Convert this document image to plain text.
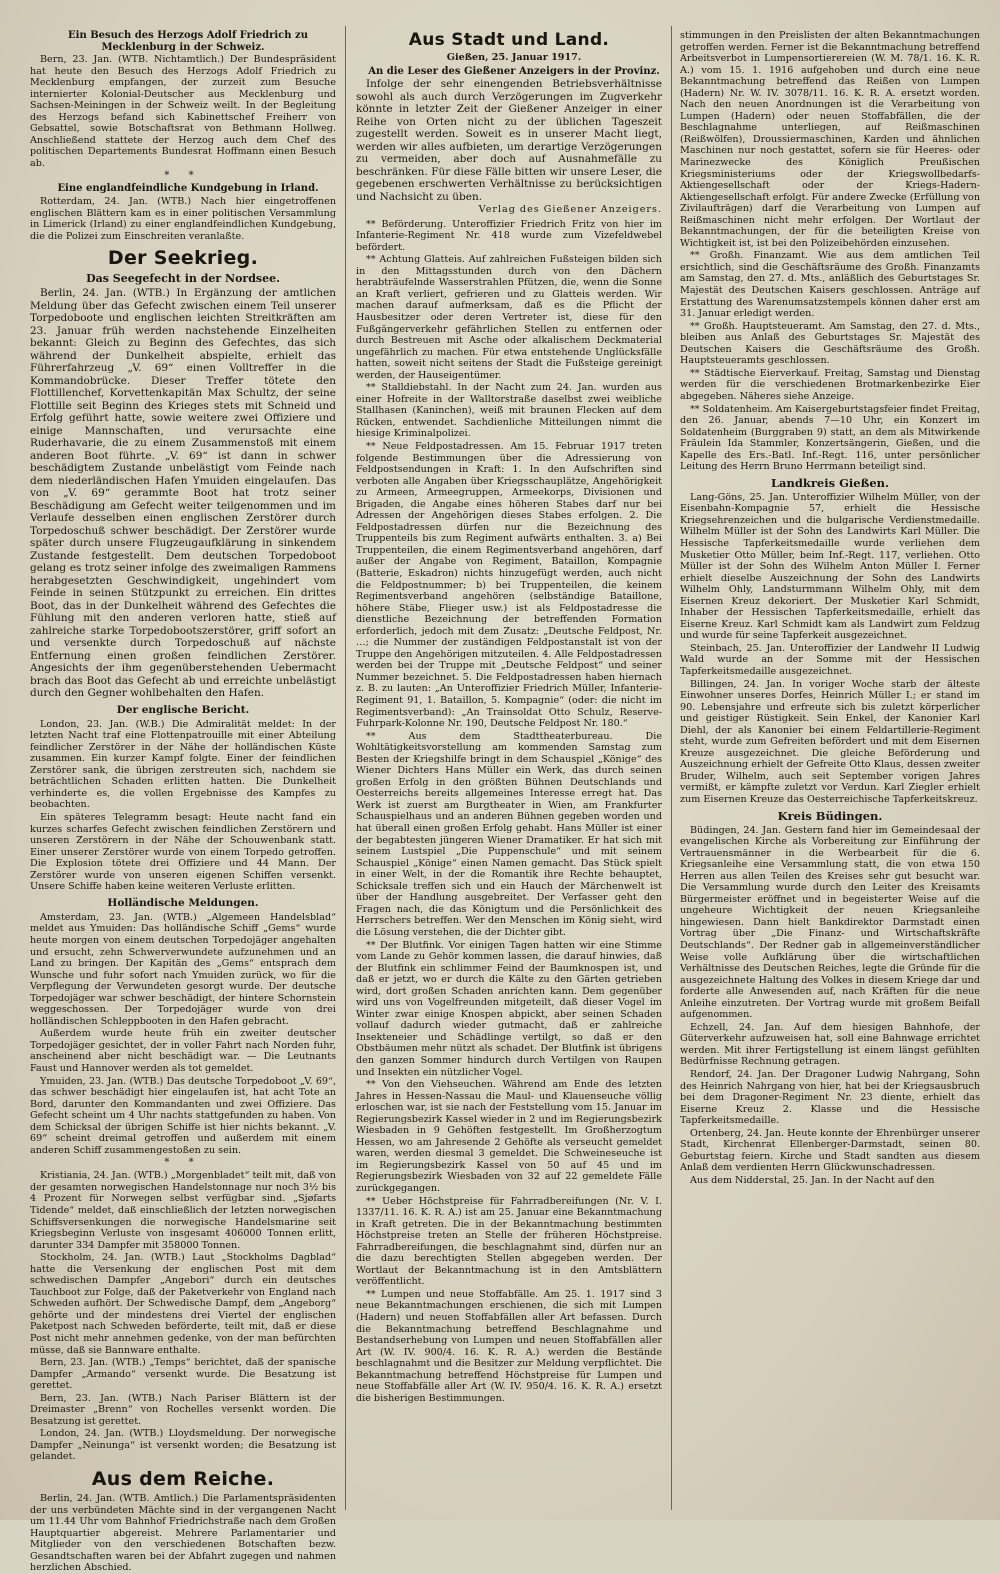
Ein Besuch des Herzogs Adolf Friedrich zu Mecklenburg in der Schweiz.

Bern, 23. Jan. (WTB. Nichtamtlich.) Der Bundespräsident hat heute den Besuch des Herzogs Adolf Friedrich zu Mecklenburg empfangen, der zurzeit zum Besuche internierter Kolonial-Deutscher aus Mecklenburg und Sachsen-Meiningen in der Schweiz weilt. In der Begleitung des Herzogs befand sich Kabinettschef Freiherr von Gebsattel, sowie Botschaftsrat von Bethmann Hollweg. Anschließend stattete der Herzog auch dem Chef des politischen Departements Bundesrat Hoffmann einen Besuch ab.

* *

Eine englandfeindliche Kundgebung in Irland.

Rotterdam, 24. Jan. (WTB.) Nach hier eingetroffenen englischen Blättern kam es in einer politischen Versammlung in Limerick (Irland) zu einer englandfeindlichen Kundgebung, die die Polizei zum Einschreiten veranlaßte.

Der Seekrieg.
Das Seegefecht in der Nordsee.

Berlin, 24. Jan. (WTB.) In Ergänzung der amtlichen Meldung über das Gefecht zwischen einem Teil unserer Torpedoboote und englischen leichten Streitkräften am 23. Januar früh werden nachstehende Einzelheiten bekannt: Gleich zu Beginn des Gefechtes, das sich während der Dunkelheit abspielte, erhielt das Führerfahrzeug „V. 69“ einen Volltreffer in die Kommandobrücke. Dieser Treffer tötete den Flottillenchef, Korvettenkapitän Max Schultz, der seine Flottille seit Beginn des Krieges stets mit Schneid und Erfolg geführt hatte, sowie weitere zwei Offiziere und einige Mannschaften, und verursachte eine Ruderhavarie, die zu einem Zusammenstoß mit einem anderen Boot führte. „V. 69“ ist dann in schwer beschädigtem Zustande unbelästigt vom Feinde nach dem niederländischen Hafen Ymuiden eingelaufen. Das von „V. 69“ gerammte Boot hat trotz seiner Beschädigung am Gefecht weiter teilgenommen und im Verlaufe desselben einen englischen Zerstörer durch Torpedoschuß schwer beschädigt. Der Zerstörer wurde später durch unsere Flugzeugaufklärung in sinkendem Zustande festgestellt. Dem deutschen Torpedoboot gelang es trotz seiner infolge des zweimaligen Rammens herabgesetzten Geschwindigkeit, ungehindert vom Feinde in seinen Stützpunkt zu erreichen. Ein drittes Boot, das in der Dunkelheit während des Gefechtes die Fühlung mit den anderen verloren hatte, stieß auf zahlreiche starke Torpedobootszerstörer, griff sofort an und versenkte durch Torpedoschuß auf nächste Entfernung einen großen feindlichen Zerstörer. Angesichts der ihm gegenüberstehenden Uebermacht brach das Boot das Gefecht ab und erreichte unbelästigt durch den Gegner wohlbehalten den Hafen.

Der englische Bericht.

London, 23. Jan. (W.B.) Die Admiralität meldet: In der letzten Nacht traf eine Flottenpatrouille mit einer Abteilung feindlicher Zerstörer in der Nähe der holländischen Küste zusammen. Ein kurzer Kampf folgte. Einer der feindlichen Zerstörer sank, die übrigen zerstreuten sich, nachdem sie beträchtlichen Schaden erlitten hatten. Die Dunkelheit verhinderte es, die vollen Ergebnisse des Kampfes zu beobachten.

Ein späteres Telegramm besagt: Heute nacht fand ein kurzes scharfes Gefecht zwischen feindlichen Zerstörern und unseren Zerstörern in der Nähe der Schouwenbank statt. Einer unserer Zerstörer wurde von einem Torpedo getroffen. Die Explosion tötete drei Offiziere und 44 Mann. Der Zerstörer wurde von unseren eigenen Schiffen versenkt. Unsere Schiffe haben keine weiteren Verluste erlitten.

Holländische Meldungen.

Amsterdam, 23. Jan. (WTB.) „Algemeen Handelsblad“ meldet aus Ymuiden: Das holländische Schiff „Gems“ wurde heute morgen von einem deutschen Torpedojäger angehalten und ersucht, zehn Schwerverwundete aufzunehmen und an Land zu bringen. Der Kapitän des „Gems“ entsprach dem Wunsche und fuhr sofort nach Ymuiden zurück, wo für die Verpflegung der Verwundeten gesorgt wurde. Der deutsche Torpedojäger war schwer beschädigt, der hintere Schornstein weggeschossen. Der Torpedojäger wurde von drei holländischen Schleppbooten in den Hafen gebracht.

Außerdem wurde heute früh ein zweiter deutscher Torpedojäger gesichtet, der in voller Fahrt nach Norden fuhr, anscheinend aber nicht beschädigt war. — Die Leutnants Faust und Hannover werden als tot gemeldet.

Ymuiden, 23. Jan. (WTB.) Das deutsche Torpedoboot „V. 69“, das schwer beschädigt hier eingelaufen ist, hat acht Tote an Bord, darunter den Kommandanten und zwei Offiziere. Das Gefecht scheint um 4 Uhr nachts stattgefunden zu haben. Von dem Schicksal der übrigen Schiffe ist hier nichts bekannt. „V. 69“ scheint dreimal getroffen und außerdem mit einem anderen Schiff zusammengestoßen zu sein.

* *

Kristiania, 24. Jan. (WTB.) „Morgenbladet“ teilt mit, daß von der gesamten norwegischen Handelstonnage nur noch 3½ bis 4 Prozent für Norwegen selbst verfügbar sind. „Sjøfarts Tidende“ meldet, daß einschließlich der letzten norwegischen Schiffsversenkungen die norwegische Handelsmarine seit Kriegsbeginn Verluste von insgesamt 406000 Tonnen erlitt, darunter 334 Dampfer mit 358000 Tonnen.

Stockholm, 24. Jan. (WTB.) Laut „Stockholms Dagblad“ hatte die Versenkung der englischen Post mit dem schwedischen Dampfer „Angebori“ durch ein deutsches Tauchboot zur Folge, daß der Paketverkehr von England nach Schweden aufhört. Der Schwedische Dampf, dem „Angeborg“ gehörte und der mindestens drei Viertel der englischen Paketpost nach Schweden beförderte, teilt mit, daß er diese Post nicht mehr annehmen gedenke, von der man befürchten müsse, daß sie Bannware enthalte.

Bern, 23. Jan. (WTB.) „Temps“ berichtet, daß der spanische Dampfer „Armando“ versenkt wurde. Die Besatzung ist gerettet.

Bern, 23. Jan. (WTB.) Nach Pariser Blättern ist der Dreimaster „Brenn“ von Rochelles versenkt worden. Die Besatzung ist gerettet.

London, 24. Jan. (WTB.) Lloydsmeldung. Der norwegische Dampfer „Neinunga“ ist versenkt worden; die Besatzung ist gelandet.

Aus dem Reiche.

Berlin, 24. Jan. (WTB. Amtlich.) Die Parlamentspräsidenten der uns verbündeten Mächte sind in der vergangenen Nacht um 11.44 Uhr vom Bahnhof Friedrichstraße nach dem Großen Hauptquartier abgereist. Mehrere Parlamentarier und Mitglieder von den verschiedenen Botschaften bezw. Gesandtschaften waren bei der Abfahrt zugegen und nahmen herzlichen Abschied.

Aus Stadt und Land.

Gießen, 25. Januar 1917.

An die Leser des Gießener Anzeigers in der Provinz.

Infolge der sehr einengenden Betriebsverhältnisse sowohl als auch durch Verzögerungen im Zugverkehr könnte in letzter Zeit der Gießener Anzeiger in einer Reihe von Orten nicht zu der üblichen Tageszeit zugestellt werden. Soweit es in unserer Macht liegt, werden wir alles aufbieten, um derartige Verzögerungen zu vermeiden, aber doch auf Ausnahmefälle zu beschränken. Für diese Fälle bitten wir unsere Leser, die gegebenen erschwerten Verhältnisse zu berücksichtigen und Nachsicht zu üben.

Verlag des Gießener Anzeigers.

** Beförderung. Unteroffizier Friedrich Fritz von hier im Infanterie-Regiment Nr. 418 wurde zum Vizefeldwebel befördert.

** Achtung Glatteis. Auf zahlreichen Fußsteigen bilden sich in den Mittagsstunden durch von den Dächern herabträufelnde Wasserstrahlen Pfützen, die, wenn die Sonne an Kraft verliert, gefrieren und zu Glatteis werden. Wir machen darauf aufmerksam, daß es die Pflicht der Hausbesitzer oder deren Vertreter ist, diese für den Fußgängerverkehr gefährlichen Stellen zu entfernen oder durch Bestreuen mit Asche oder alkalischem Deckmaterial ungefährlich zu machen. Für etwa entstehende Unglücksfälle hatten, soweit nicht seitens der Stadt die Fußsteige gereinigt werden, der Hauseigentümer.

** Stalldiebstahl. In der Nacht zum 24. Jan. wurden aus einer Hofreite in der Walltorstraße daselbst zwei weibliche Stallhasen (Kaninchen), weiß mit braunen Flecken auf dem Rücken, entwendet. Sachdienliche Mitteilungen nimmt die hiesige Kriminalpolizei.

** Neue Feldpostadressen. Am 15. Februar 1917 treten folgende Bestimmungen über die Adressierung von Feldpostsendungen in Kraft: 1. In den Aufschriften sind verboten alle Angaben über Kriegsschauplätze, Angehörigkeit zu Armeen, Armeegruppen, Armeekorps, Divisionen und Brigaden, die Angabe eines höheren Stabes darf nur bei Adressen der Angehörigen dieses Stabes erfolgen. 2. Die Feldpostadressen dürfen nur die Bezeichnung des Truppenteils bis zum Regiment aufwärts enthalten. 3. a) Bei Truppenteilen, die einem Regimentsverband angehören, darf außer der Angabe von Regiment, Bataillon, Kompagnie (Batterie, Eskadron) nichts hinzugefügt werden, auch nicht die Feldpostnummer; b) bei Truppenteilen, die keinem Regimentsverband angehören (selbständige Bataillone, höhere Stäbe, Flieger usw.) ist als Feldpostadresse die dienstliche Bezeichnung der betreffenden Formation erforderlich, jedoch mit dem Zusatz: „Deutsche Feldpost, Nr. …; die Nummer der zuständigen Feldpostanstalt ist von der Truppe den Angehörigen mitzuteilen. 4. Alle Feldpostadressen werden bei der Truppe mit „Deutsche Feldpost“ und seiner Nummer bezeichnet. 5. Die Feldpostadressen haben hiernach z. B. zu lauten: „An Unteroffizier Friedrich Müller, Infanterie-Regiment 91, 1. Bataillon, 5. Kompagnie“ (oder: die nicht im Regimentsverband): „An Trainsoldat Otto Schulz, Reserve-Fuhrpark-Kolonne Nr. 190, Deutsche Feldpost Nr. 180.“

** Aus dem Stadttheaterbureau. Die Wohltätigkeitsvorstellung am kommenden Samstag zum Besten der Kriegshilfe bringt in dem Schauspiel „Könige“ des Wiener Dichters Hans Müller ein Werk, das durch seinen großen Erfolg in den größten Bühnen Deutschlands und Oesterreichs bereits allgemeines Interesse erregt hat. Das Werk ist zuerst am Burgtheater in Wien, am Frankfurter Schauspielhaus und an anderen Bühnen gegeben worden und hat überall einen großen Erfolg gehabt. Hans Müller ist einer der begabtesten jüngeren Wiener Dramatiker. Er hat sich mit seinem Lustspiel „Die Puppenschule“ und mit seinem Schauspiel „Könige“ einen Namen gemacht. Das Stück spielt in einer Welt, in der die Romantik ihre Rechte behauptet, Schicksale treffen sich und ein Hauch der Märchenwelt ist über der Handlung ausgebreitet. Der Verfasser geht den Fragen nach, die das Königtum und die Persönlichkeit des Herrschers betreffen. Wer den Menschen im König sieht, wird die Lösung verstehen, die der Dichter gibt.

** Der Blutfink. Vor einigen Tagen hatten wir eine Stimme vom Lande zu Gehör kommen lassen, die darauf hinwies, daß der Blutfink ein schlimmer Feind der Baumknospen ist, und daß er jetzt, wo er durch die Kälte zu den Gärten getrieben wird, dort großen Schaden anrichten kann. Dem gegenüber wird uns von Vogelfreunden mitgeteilt, daß dieser Vogel im Winter zwar einige Knospen abpickt, aber seinen Schaden vollauf dadurch wieder gutmacht, daß er zahlreiche Insekteneier und Schädlinge vertilgt, so daß er den Obstbäumen mehr nützt als schadet. Der Blutfink ist übrigens den ganzen Sommer hindurch durch Vertilgen von Raupen und Insekten ein nützlicher Vogel.

** Von den Viehseuchen. Während am Ende des letzten Jahres in Hessen-Nassau die Maul- und Klauenseuche völlig erloschen war, ist sie nach der Feststellung vom 15. Januar im Regierungsbezirk Kassel wieder in 2 und im Regierungsbezirk Wiesbaden in 9 Gehöften festgestellt. Im Großherzogtum Hessen, wo am Jahresende 2 Gehöfte als verseucht gemeldet waren, werden diesmal 3 gemeldet. Die Schweineseuche ist im Regierungsbezirk Kassel von 50 auf 45 und im Regierungsbezirk Wiesbaden von 32 auf 22 gemeldete Fälle zurückgegangen.

** Ueber Höchstpreise für Fahrradbereifungen (Nr. V. I. 1337/11. 16. K. R. A.) ist am 25. Januar eine Bekanntmachung in Kraft getreten. Die in der Bekanntmachung bestimmten Höchstpreise treten an Stelle der früheren Höchstpreise. Fahrradbereifungen, die beschlagnahmt sind, dürfen nur an die dazu berechtigten Stellen abgegeben werden. Der Wortlaut der Bekanntmachung ist in den Amtsblättern veröffentlicht.

** Lumpen und neue Stoffabfälle. Am 25. 1. 1917 sind 3 neue Bekanntmachungen erschienen, die sich mit Lumpen (Hadern) und neuen Stoffabfällen aller Art befassen. Durch die Bekanntmachung betreffend Beschlagnahme und Bestandserhebung von Lumpen und neuen Stoffabfällen aller Art (W. IV. 900/4. 16. K. R. A.) werden die Bestände beschlagnahmt und die Besitzer zur Meldung verpflichtet. Die Bekanntmachung betreffend Höchstpreise für Lumpen und neue Stoffabfälle aller Art (W. IV. 950/4. 16. K. R. A.) ersetzt die bisherigen Bestimmungen.

stimmungen in den Preislisten der alten Bekanntmachungen getroffen werden. Ferner ist die Bekanntmachung betreffend Arbeitsverbot in Lumpensortierereien (W. M. 78/1. 16. K. R. A.) vom 15. 1. 1916 aufgehoben und durch eine neue Bekanntmachung betreffend das Reißen von Lumpen (Hadern) Nr. W. IV. 3078/11. 16. K. R. A. ersetzt worden. Nach den neuen Anordnungen ist die Verarbeitung von Lumpen (Hadern) oder neuen Stoffabfällen, die der Beschlagnahme unterliegen, auf Reißmaschinen (Reißwölfen), Droussiermaschinen, Karden und ähnlichen Maschinen nur noch gestattet, sofern sie für Heeres- oder Marinezwecke des Königlich Preußischen Kriegsministeriums oder der Kriegswollbedarfs-Aktiengesellschaft oder der Kriegs-Hadern-Aktiengesellschaft erfolgt. Für andere Zwecke (Erfüllung von Zivilaufträgen) darf die Verarbeitung von Lumpen auf Reißmaschinen nicht mehr erfolgen. Der Wortlaut der Bekanntmachungen, der für die beteiligten Kreise von Wichtigkeit ist, ist bei den Polizeibehörden einzusehen.

** Großh. Finanzamt. Wie aus dem amtlichen Teil ersichtlich, sind die Geschäftsräume des Großh. Finanzamts am Samstag, den 27. d. Mts., anläßlich des Geburtstages Sr. Majestät des Deutschen Kaisers geschlossen. Anträge auf Erstattung des Warenumsatzstempels können daher erst am 31. Januar erledigt werden.

** Großh. Hauptsteueramt. Am Samstag, den 27. d. Mts., bleiben aus Anlaß des Geburtstages Sr. Majestät des Deutschen Kaisers die Geschäftsräume des Großh. Hauptsteueramts geschlossen.

** Städtische Eierverkauf. Freitag, Samstag und Dienstag werden für die verschiedenen Brotmarkenbezirke Eier abgegeben. Näheres siehe Anzeige.

** Soldatenheim. Am Kaisergeburtstagsfeier findet Freitag, den 26. Januar, abends 7—10 Uhr, ein Konzert im Soldatenheim (Burggraben 9) statt, an dem als Mitwirkende Fräulein Ida Stammler, Konzertsängerin, Gießen, und die Kapelle des Ers.-Batl. Inf.-Regt. 116, unter persönlicher Leitung des Herrn Bruno Herrmann beteiligt sind.

Landkreis Gießen.

Lang-Göns, 25. Jan. Unteroffizier Wilhelm Müller, von der Eisenbahn-Kompagnie 57, erhielt die Hessische Kriegsehrenzeichen und die bulgarische Verdienstmedaille. Wilhelm Müller ist der Sohn des Landwirts Karl Müller. Die Hessische Tapferkeitsmedaille wurde verliehen dem Musketier Otto Müller, beim Inf.-Regt. 117, verliehen. Otto Müller ist der Sohn des Wilhelm Anton Müller I. Ferner erhielt dieselbe Auszeichnung der Sohn des Landwirts Wilhelm Ohly, Landsturmmann Wilhelm Ohly, mit dem Eisernen Kreuz dekoriert. Der Musketier Karl Schmidt, Inhaber der Hessischen Tapferkeitsmedaille, erhielt das Eiserne Kreuz. Karl Schmidt kam als Landwirt zum Feldzug und wurde für seine Tapferkeit ausgezeichnet.

Steinbach, 25. Jan. Unteroffizier der Landwehr II Ludwig Wald wurde an der Somme mit der Hessischen Tapferkeitsmedaille ausgezeichnet.

Billingen, 24. Jan. In voriger Woche starb der älteste Einwohner unseres Dorfes, Heinrich Müller I.; er stand im 90. Lebensjahre und erfreute sich bis zuletzt körperlicher und geistiger Rüstigkeit. Sein Enkel, der Kanonier Karl Diehl, der als Kanonier bei einem Feldartillerie-Regiment steht, wurde zum Gefreiten befördert und mit dem Eisernen Kreuze ausgezeichnet. Die gleiche Beförderung und Auszeichnung erhielt der Gefreite Otto Klaus, dessen zweiter Bruder, Wilhelm, auch seit September vorigen Jahres vermißt, er kämpfte zuletzt vor Verdun. Karl Ziegler erhielt zum Eisernen Kreuze das Oesterreichische Tapferkeitskreuz.

Kreis Büdingen.

Büdingen, 24. Jan. Gestern fand hier im Gemeindesaal der evangelischen Kirche als Vorbereitung zur Einführung der Vertrauensmänner in die Werbearbeit für die 6. Kriegsanleihe eine Versammlung statt, die von etwa 150 Herren aus allen Teilen des Kreises sehr gut besucht war. Die Versammlung wurde durch den Leiter des Kreisamts Bürgermeister eröffnet und in begeisterter Weise auf die ungeheure Wichtigkeit der neuen Kriegsanleihe hingewiesen. Dann hielt Bankdirektor Darmstadt einen Vortrag über „Die Finanz- und Wirtschaftskräfte Deutschlands“. Der Redner gab in allgemeinverständlicher Weise volle Aufklärung über die wirtschaftlichen Verhältnisse des Deutschen Reiches, legte die Gründe für die ausgezeichnete Haltung des Volkes in diesem Kriege dar und forderte alle Anwesenden auf, nach Kräften für die neue Anleihe einzutreten. Der Vortrag wurde mit großem Beifall aufgenommen.

Echzell, 24. Jan. Auf dem hiesigen Bahnhofe, der Güterverkehr aufzuweisen hat, soll eine Bahnwage errichtet werden. Mit ihrer Fertigstellung ist einem längst gefühlten Bedürfnisse Rechnung getragen.

Rendorf, 24. Jan. Der Dragoner Ludwig Nahrgang, Sohn des Heinrich Nahrgang von hier, hat bei der Kriegsausbruch bei dem Dragoner-Regiment Nr. 23 diente, erhielt das Eiserne Kreuz 2. Klasse und die Hessische Tapferkeitsmedaille.

Ortenberg, 24. Jan. Heute konnte der Ehrenbürger unserer Stadt, Kirchenrat Ellenberger-Darmstadt, seinen 80. Geburtstag feiern. Kirche und Stadt sandten aus diesem Anlaß dem verdienten Herrn Glückwunschadressen.

Aus dem Nidderstal, 25. Jan. In der Nacht auf den
